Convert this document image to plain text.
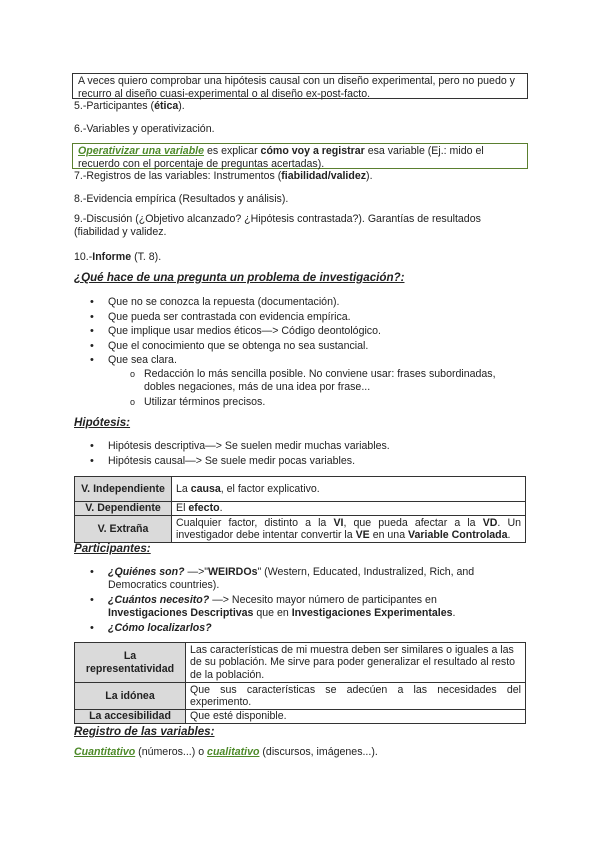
A veces quiero comprobar una hipótesis causal con un diseño experimental, pero no puedo y recurro al diseño cuasi-experimental o al diseño ex-post-facto.
5.-Participantes (ética).
6.-Variables y operativización.
Operativizar una variable es explicar cómo voy a registrar esa variable (Ej.: mido el recuerdo con el porcentaje de preguntas acertadas).
7.-Registros de las variables: Instrumentos (fiabilidad/validez).
8.-Evidencia empírica (Resultados y análisis).
9.-Discusión (¿Objetivo alcanzado? ¿Hipótesis contrastada?). Garantías de resultados (fiabilidad y validez.
10.-Informe (T. 8).
¿Qué hace de una pregunta un problema de investigación?:
• Que no se conozca la repuesta (documentación).
• Que pueda ser contrastada con evidencia empírica.
• Que implique usar medios éticos—> Código deontológico.
• Que el conocimiento que se obtenga no sea sustancial.
• Que sea clara.
o Redacción lo más sencilla posible. No conviene usar: frases subordinadas, dobles negaciones, más de una idea por frase...
o Utilizar términos precisos.
Hipótesis:
• Hipótesis descriptiva—> Se suelen medir muchas variables.
• Hipótesis causal—> Se suele medir pocas variables.
V. Independiente	La causa, el factor explicativo.
V. Dependiente	El efecto.
V. Extraña	Cualquier factor, distinto a la VI, que pueda afectar a la VD. Un investigador debe intentar convertir la VE en una Variable Controlada.
Participantes:
• ¿Quiénes son? —>"WEIRDOs" (Western, Educated, Industralized, Rich, and Democratics countries).
• ¿Cuántos necesito? —> Necesito mayor número de participantes en Investigaciones Descriptivas que en Investigaciones Experimentales.
• ¿Cómo localizarlos?
La representatividad	Las características de mi muestra deben ser similares o iguales a las de su población. Me sirve para poder generalizar el resultado al resto de la población.
La idónea	Que sus características se adecúen a las necesidades del experimento.
La accesibilidad	Que esté disponible.
Registro de las variables:
Cuantitativo (números...) o cualitativo (discursos, imágenes...).
